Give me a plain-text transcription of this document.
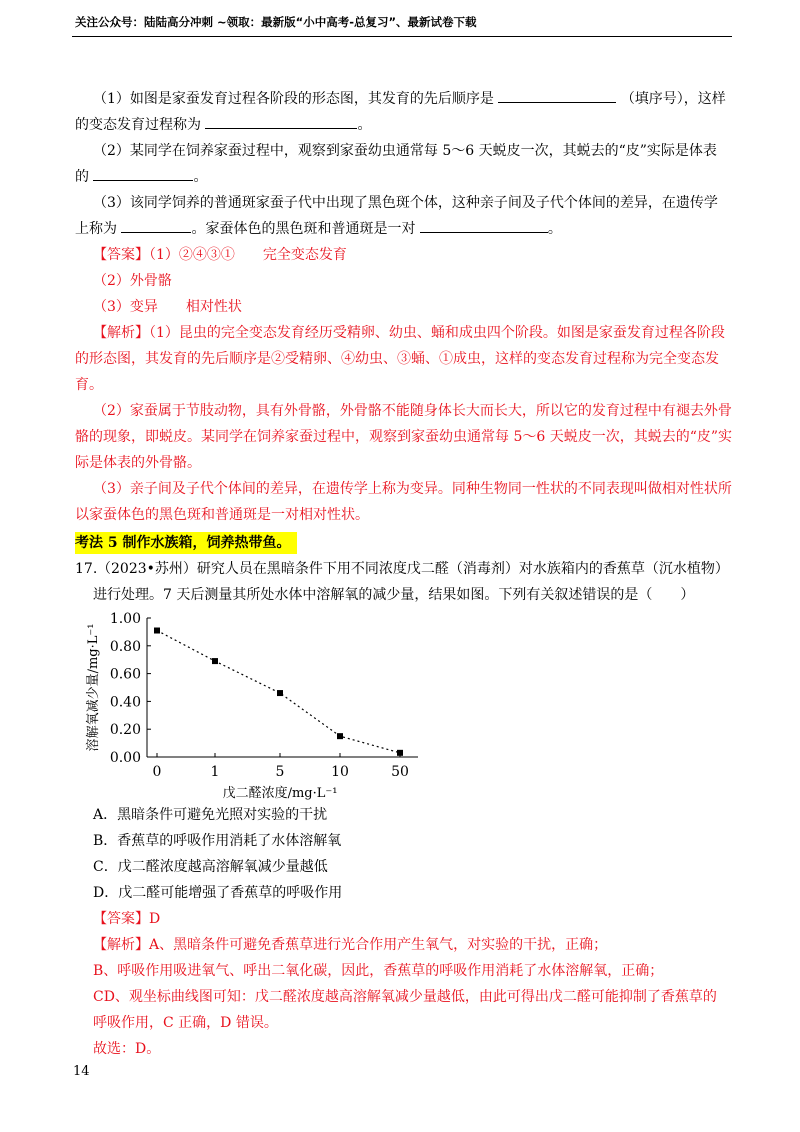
关注公众号：陆陆高分冲刺 ~领取：最新版“小中高考-总复习”、最新试卷下载

（1）如图是家蚕发育过程各阶段的形态图，其发育的先后顺序是	（填序号），这样

的变态发育过程称为	。

（2）某同学在饲养家蚕过程中，观察到家蚕幼虫通常每 5～6 天蜕皮一次，其蜕去的“皮”实际是体表

的	。

（3）该同学饲养的普通斑家蚕子代中出现了黑色斑个体，这种亲子间及子代个体间的差异，在遗传学

上称为	。家蚕体色的黑色斑和普通斑是一对	。

【答案】（1）②④③① 完全变态发育

（2）外骨骼

（3）变异 相对性状

【解析】（1）昆虫的完全变态发育经历受精卵、幼虫、蛹和成虫四个阶段。如图是家蚕发育过程各阶段的形态图，其发育的先后顺序是②受精卵、④幼虫、③蛹、①成虫，这样的变态发育过程称为完全变态发育。

（2）家蚕属于节肢动物，具有外骨骼，外骨骼不能随身体长大而长大，所以它的发育过程中有褪去外骨骼的现象，即蜕皮。某同学在饲养家蚕过程中，观察到家蚕幼虫通常每 5～6 天蜕皮一次，其蜕去的“皮”实际是体表的外骨骼。

（3）亲子间及子代个体间的差异，在遗传学上称为变异。同种生物同一性状的不同表现叫做相对性状所以家蚕体色的黑色斑和普通斑是一对相对性状。

考法 5 制作水族箱，饲养热带鱼。

17.（2023•苏州）研究人员在黑暗条件下用不同浓度戊二醛（消毒剂）对水族箱内的香蕉草（沉水植物）

进行处理。7 天后测量其所处水体中溶解氧的减少量，结果如图。下列有关叙述错误的是（　　）

0.00
0.20
0.40
0.60
0.80
1.00
0	1	5	10	50
戊二醛浓度/mg·L⁻¹
溶解氧减少量/mg·L⁻¹

A．黑暗条件可避免光照对实验的干扰

B．香蕉草的呼吸作用消耗了水体溶解氧

C．戊二醛浓度越高溶解氧减少量越低

D．戊二醛可能增强了香蕉草的呼吸作用

【答案】D

【解析】A、黑暗条件可避免香蕉草进行光合作用产生氧气，对实验的干扰，正确；

B、呼吸作用吸进氧气、呼出二氧化碳，因此，香蕉草的呼吸作用消耗了水体溶解氧，正确；

CD、观坐标曲线图可知：戊二醛浓度越高溶解氧减少量越低，由此可得出戊二醛可能抑制了香蕉草的

呼吸作用，C 正确，D 错误。

故选：D。

14
